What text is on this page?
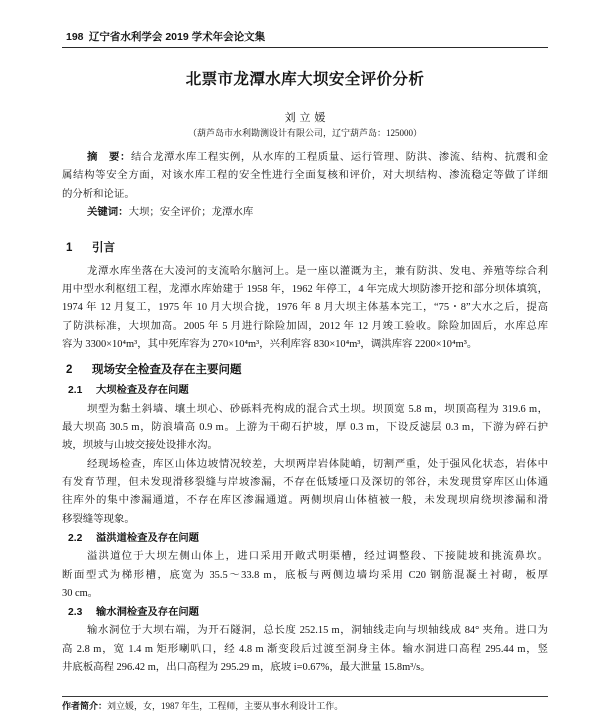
198 辽宁省水利学会 2019 学术年会论文集
北票市龙潭水库大坝安全评价分析
刘立媛
（葫芦岛市水利勘测设计有限公司，辽宁葫芦岛：125000）
摘　要：结合龙潭水库工程实例，从水库的工程质量、运行管理、防洪、渗流、结构、抗震和金
属结构等安全方面，对该水库工程的安全性进行全面复核和评价，对大坝结构、渗流稳定等做了详细
的分析和论证。
关键词：大坝；安全评价；龙潭水库
1 引言
龙潭水库坐落在大凌河的支流哈尔脑河上。是一座以灌溉为主，兼有防洪、发电、养殖等综合利
用中型水利枢纽工程，龙潭水库始建于 1958 年，1962 年停工，4 年完成大坝防渗开挖和部分坝体填筑，
1974 年 12 月复工，1975 年 10 月大坝合拢，1976 年 8 月大坝主体基本完工，“75・8”大水之后，提高
了防洪标准，大坝加高。2005 年 5 月进行除险加固，2012 年 12 月竣工验收。除险加固后，水库总库
容为 3300×10⁴m³，其中死库容为 270×10⁴m³，兴利库容 830×10⁴m³，调洪库容 2200×10⁴m³。
2 现场安全检查及存在主要问题
2.1 大坝检查及存在问题
坝型为黏土斜墙、壤土坝心、砂砾料壳构成的混合式土坝。坝顶宽 5.8 m，坝顶高程为 319.6 m，
最大坝高 30.5 m，防浪墙高 0.9 m。上游为干砌石护坡，厚 0.3 m，下设反滤层 0.3 m，下游为碎石护
坡，坝坡与山坡交接处设排水沟。
经现场检查，库区山体边坡情况较差，大坝两岸岩体陡峭，切割严重，处于强风化状态，岩体中
有发育节理，但未发现滑移裂缝与岸坡渗漏，不存在低矮垭口及深切的邻谷，未发现贯穿库区山体通
往库外的集中渗漏通道，不存在库区渗漏通道。两侧坝肩山体植被一般，未发现坝肩绕坝渗漏和滑
移裂缝等现象。
2.2 溢洪道检查及存在问题
溢洪道位于大坝左侧山体上，进口采用开敞式明渠槽，经过调整段、下接陡坡和挑流鼻坎。
断面型式为梯形槽，底宽为 35.5～33.8 m，底板与两侧边墙均采用 C20 钢筋混凝土衬砌，板厚
30 cm。
2.3 输水洞检查及存在问题
输水洞位于大坝右端，为开石隧洞，总长度 252.15 m，洞轴线走向与坝轴线成 84° 夹角。进口为
高 2.8 m，宽 1.4 m 矩形喇叭口，经 4.8 m 渐变段后过渡至洞身主体。输水洞进口高程 295.44 m，竖
井底板高程 296.42 m，出口高程为 295.29 m，底坡 i=0.67%，最大泄量 15.8m³/s。
作者简介：刘立媛，女，1987 年生，工程师，主要从事水利设计工作。
